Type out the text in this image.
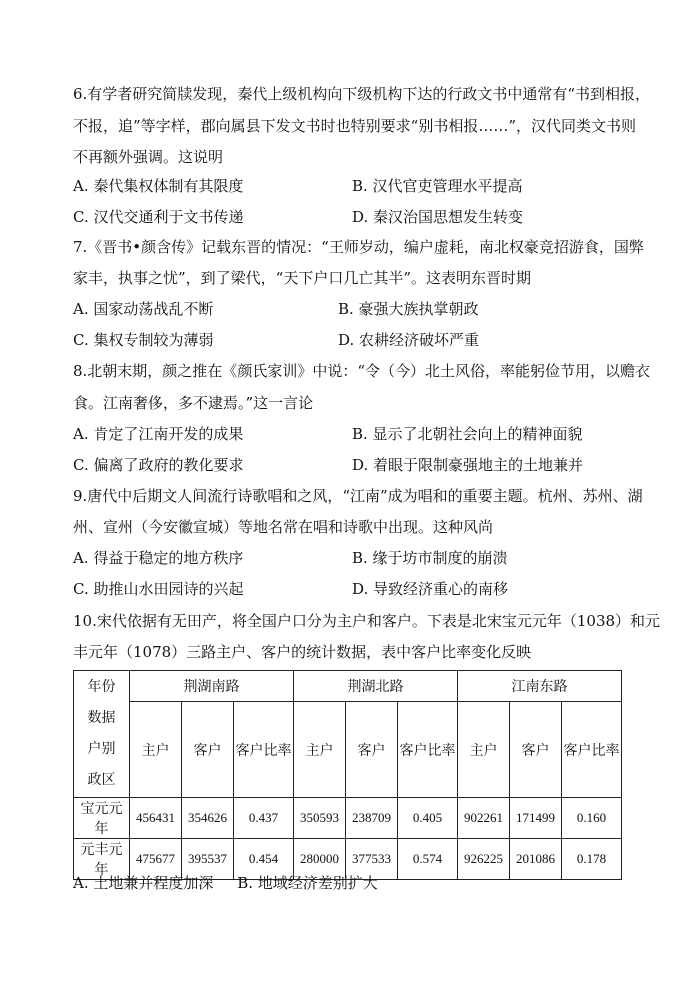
6.有学者研究简牍发现，秦代上级机构向下级机构下达的行政文书中通常有“书到相报，
不报，追”等字样，郡向属县下发文书时也特别要求“别书相报……”，汉代同类文书则
不再额外强调。这说明
A. 秦代集权体制有其限度	B. 汉代官吏管理水平提高
C. 汉代交通利于文书传递	D. 秦汉治国思想发生转变
7.《晋书•颜含传》记载东晋的情况：“王师岁动，编户虚耗，南北权豪竞招游食，国弊
家丰，执事之忧”，到了梁代，“天下户口几亡其半”。这表明东晋时期
A. 国家动荡战乱不断	B. 豪强大族执掌朝政
C. 集权专制较为薄弱	D. 农耕经济破坏严重
8.北朝末期，颜之推在《颜氏家训》中说：“令（今）北土风俗，率能躬俭节用，以赡衣
食。江南奢侈，多不逮焉。”这一言论
A. 肯定了江南开发的成果	B. 显示了北朝社会向上的精神面貌
C. 偏离了政府的教化要求	D. 着眼于限制豪强地主的土地兼并
9.唐代中后期文人间流行诗歌唱和之风，“江南”成为唱和的重要主题。杭州、苏州、湖
州、宣州（今安徽宣城）等地名常在唱和诗歌中出现。这种风尚
A. 得益于稳定的地方秩序	B. 缘于坊市制度的崩溃
C. 助推山水田园诗的兴起	D. 导致经济重心的南移
10.宋代依据有无田产，将全国户口分为主户和客户。下表是北宋宝元元年（1038）和元
丰元年（1078）三路主户、客户的统计数据，表中客户比率变化反映
年份
数据
户别
政区	荆湖南路			荆湖北路			江南东路		
	主户	客户	客户比率	主户	客户	客户比率	主户	客户	客户比率
宝元元年	456431	354626	0.437	350593	238709	0.405	902261	171499	0.160
元丰元年	475677	395537	0.454	280000	377533	0.574	926225	201086	0.178
A. 土地兼并程度加深     B. 地域经济差别扩大
